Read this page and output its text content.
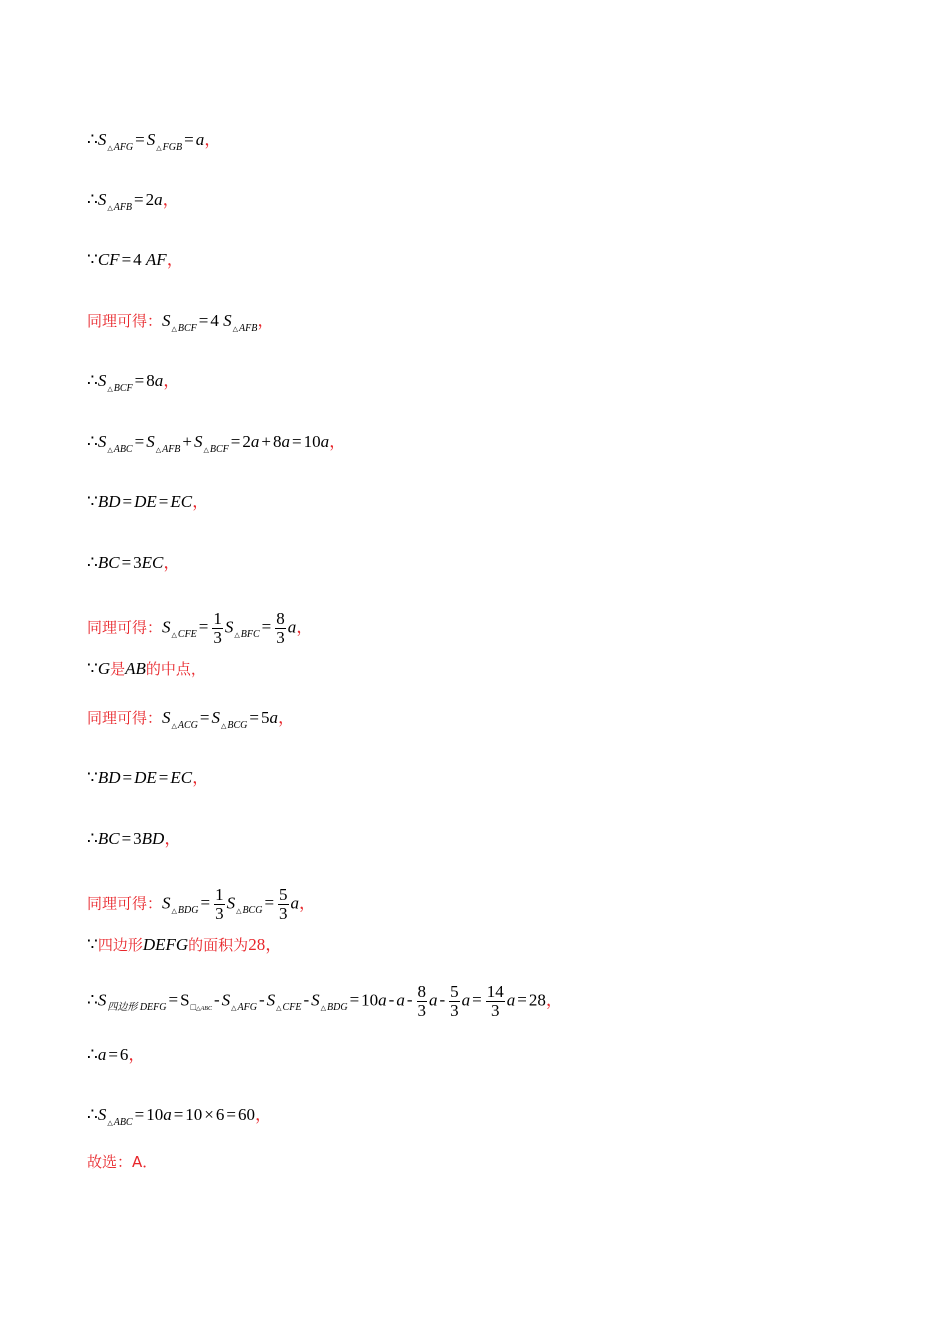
$\therefore S_{\triangle AFG} = S_{\triangle FGB} = a$，
$\therefore S_{\triangle AFB} = 2a$，
∵CF = 4 AF，
同理可得：$S_{\triangle BCF} = 4$ $S_{\triangle AFB}$，
$\therefore S_{\triangle BCF} = 8a$，
$\therefore S_{\triangle ABC} = S_{\triangle AFB} + S_{\triangle BCF} = 2a + 8a = 10a$，
∵BD = DE = EC，
∴BC = 3EC，
同理可得：$S_{\triangle CFE} = \frac{1}{3} S_{\triangle BFC} = \frac{8}{3}$ a，
∵G是AB的中点，
同理可得：$S_{\triangle ACG} = S_{\triangle BCG} = 5a$，
∵BD = DE = EC，
∴BC = 3BD，
同理可得：$S_{\triangle BDG} = \frac{1}{3} S_{\triangle BCG} = \frac{5}{3}$ a，
∵四边形DEFG的面积为28，
$\therefore S_{四边形 DEFG} = S_{□\triangle ABC} - S_{\triangle AFG} - S_{\triangle CFE} - S_{\triangle BDG} = 10a - a - \frac{8}{3}$ a - $\frac{5}{3}$ $a = \frac{14}{3}$ a = 28，
∴a = 6，
$\therefore S_{\triangle ABC} = 10a = 10 \times 6 = 60$，
故选：A．
